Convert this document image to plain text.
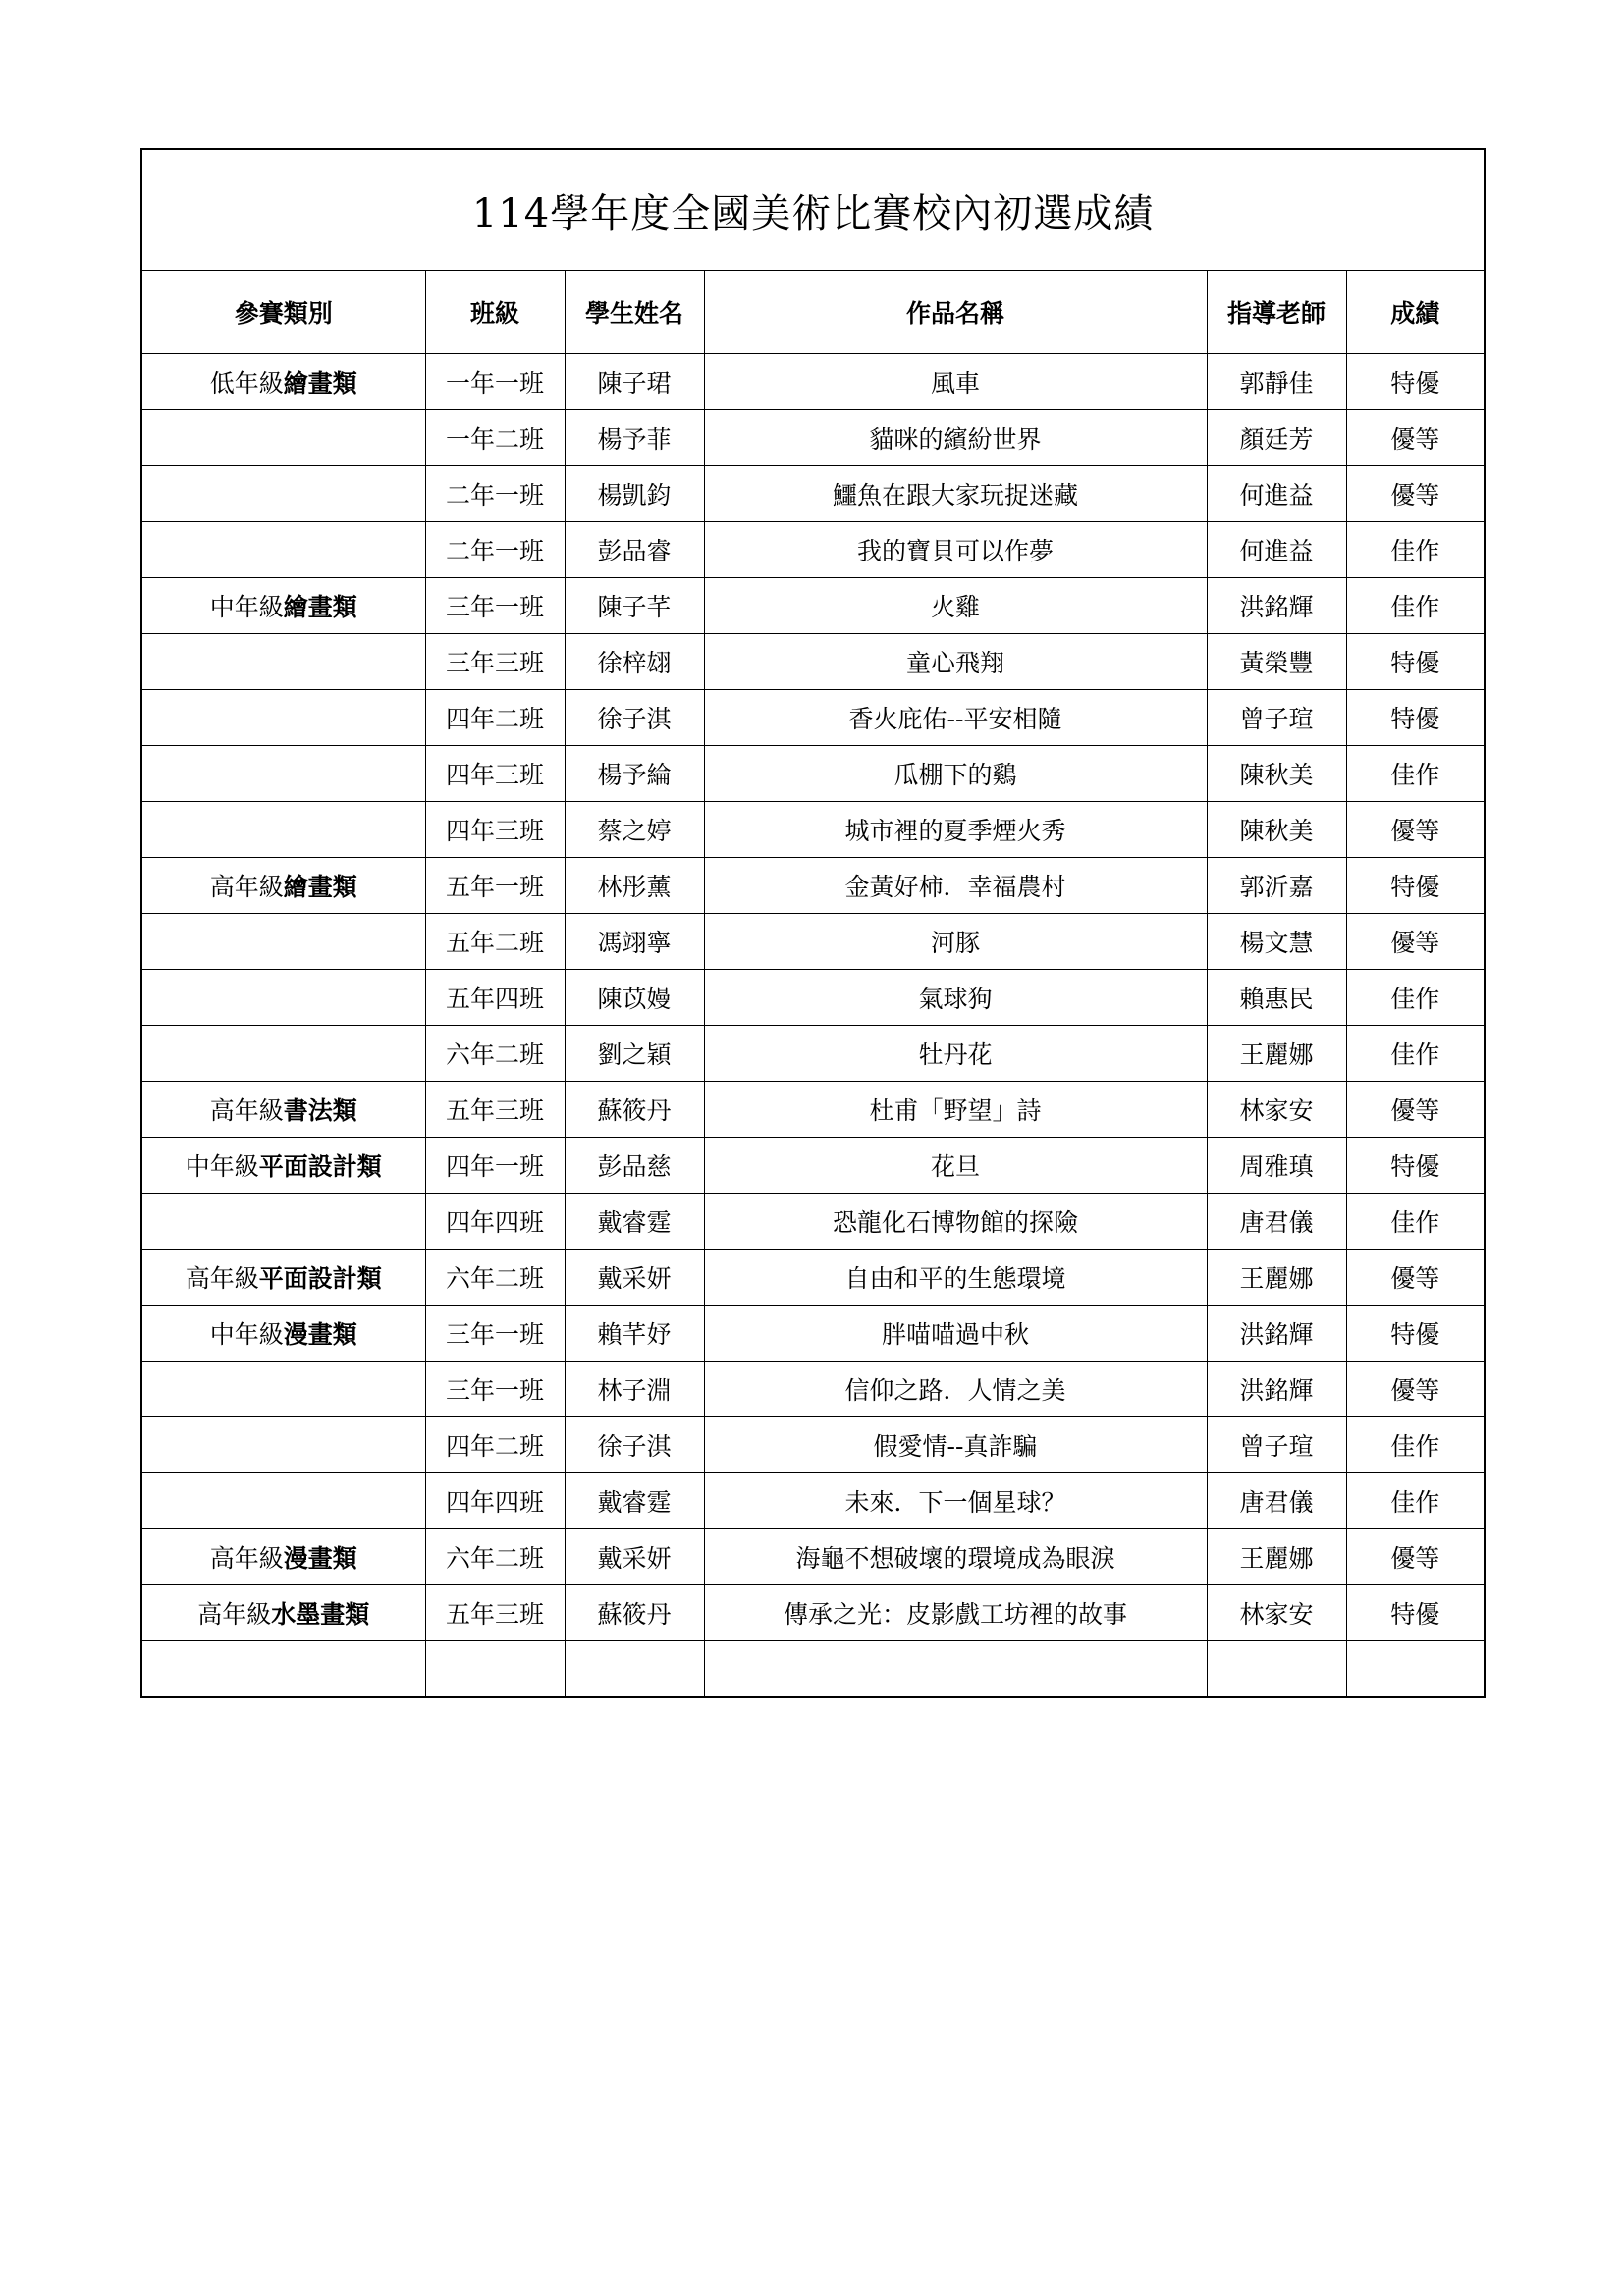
114學年度全國美術比賽校內初選成績					
參賽類別	班級	學生姓名	作品名稱	指導老師	成績
低年級繪畫類	一年一班	陳子珺	風車	郭靜佳	特優
	一年二班	楊予菲	貓咪的繽紛世界	顏廷芳	優等
	二年一班	楊凱鈞	鱷魚在跟大家玩捉迷藏	何進益	優等
	二年一班	彭品睿	我的寶貝可以作夢	何進益	佳作
中年級繪畫類	三年一班	陳子芊	火雞	洪銘輝	佳作
	三年三班	徐梓翃	童心飛翔	黃榮豐	特優
	四年二班	徐子淇	香火庇佑--平安相隨	曾子瑄	特優
	四年三班	楊予綸	瓜棚下的鷄	陳秋美	佳作
	四年三班	蔡之婷	城市裡的夏季煙火秀	陳秋美	優等
高年級繪畫類	五年一班	林彤薰	金黃好柿．幸福農村	郭沂嘉	特優
	五年二班	馮翊寧	河豚	楊文慧	優等
	五年四班	陳苡嫚	氣球狗	賴惠民	佳作
	六年二班	劉之穎	牡丹花	王麗娜	佳作
高年級書法類	五年三班	蘇筱丹	杜甫「野望」詩	林家安	優等
中年級平面設計類	四年一班	彭品慈	花旦	周雅瑱	特優
	四年四班	戴睿霆	恐龍化石博物館的探險	唐君儀	佳作
高年級平面設計類	六年二班	戴采妍	自由和平的生態環境	王麗娜	優等
中年級漫畫類	三年一班	賴芊妤	胖喵喵過中秋	洪銘輝	特優
	三年一班	林子淵	信仰之路．人情之美	洪銘輝	優等
	四年二班	徐子淇	假愛情--真詐騙	曾子瑄	佳作
	四年四班	戴睿霆	未來．下一個星球？	唐君儀	佳作
高年級漫畫類	六年二班	戴采妍	海龜不想破壞的環境成為眼淚	王麗娜	優等
高年級水墨畫類	五年三班	蘇筱丹	傳承之光：皮影戲工坊裡的故事	林家安	特優
